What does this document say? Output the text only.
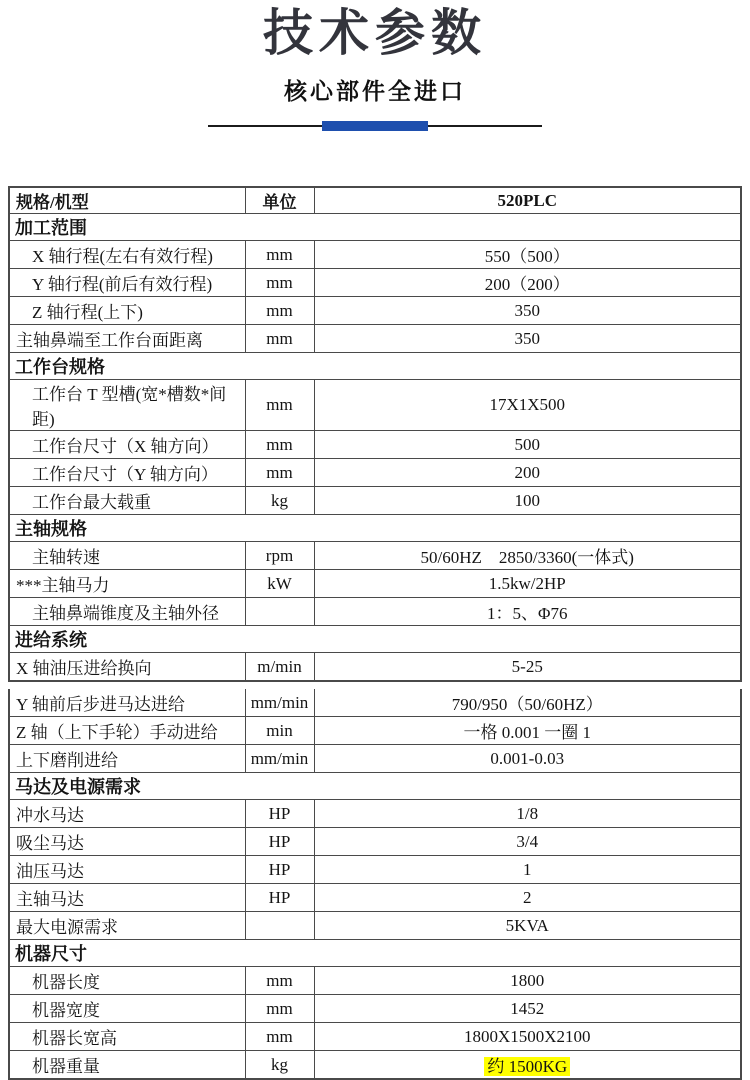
技术参数
核心部件全进口
规格/机型	单位	520PLC
加工范围		
X 轴行程(左右有效行程)	mm	550（500）
Y 轴行程(前后有效行程)	mm	200（200）
Z 轴行程(上下)	mm	350
主轴鼻端至工作台面距离	mm	350
工作台规格		
工作台 T 型槽(宽*槽数*间距)	mm	17X1X500
工作台尺寸（X 轴方向）	mm	500
工作台尺寸（Y 轴方向）	mm	200
工作台最大载重	kg	100
主轴规格		
主轴转速	rpm	50/60HZ    2850/3360(一体式)
***主轴马力	kW	1.5kw/2HP
主轴鼻端锥度及主轴外径		1：5、Φ76
进给系统		
X 轴油压进给换向	m/min	5-25
Y 轴前后步进马达进给	mm/min	790/950（50/60HZ）
Z 轴（上下手轮）手动进给	min	一格 0.001 一圈 1
上下磨削进给	mm/min	0.001-0.03
马达及电源需求		
冲水马达	HP	1/8
吸尘马达	HP	3/4
油压马达	HP	1
主轴马达	HP	2
最大电源需求		5KVA
机器尺寸		
机器长度	mm	1800
机器宽度	mm	1452
机器长宽高	mm	1800X1500X2100
机器重量	kg	约 1500KG
